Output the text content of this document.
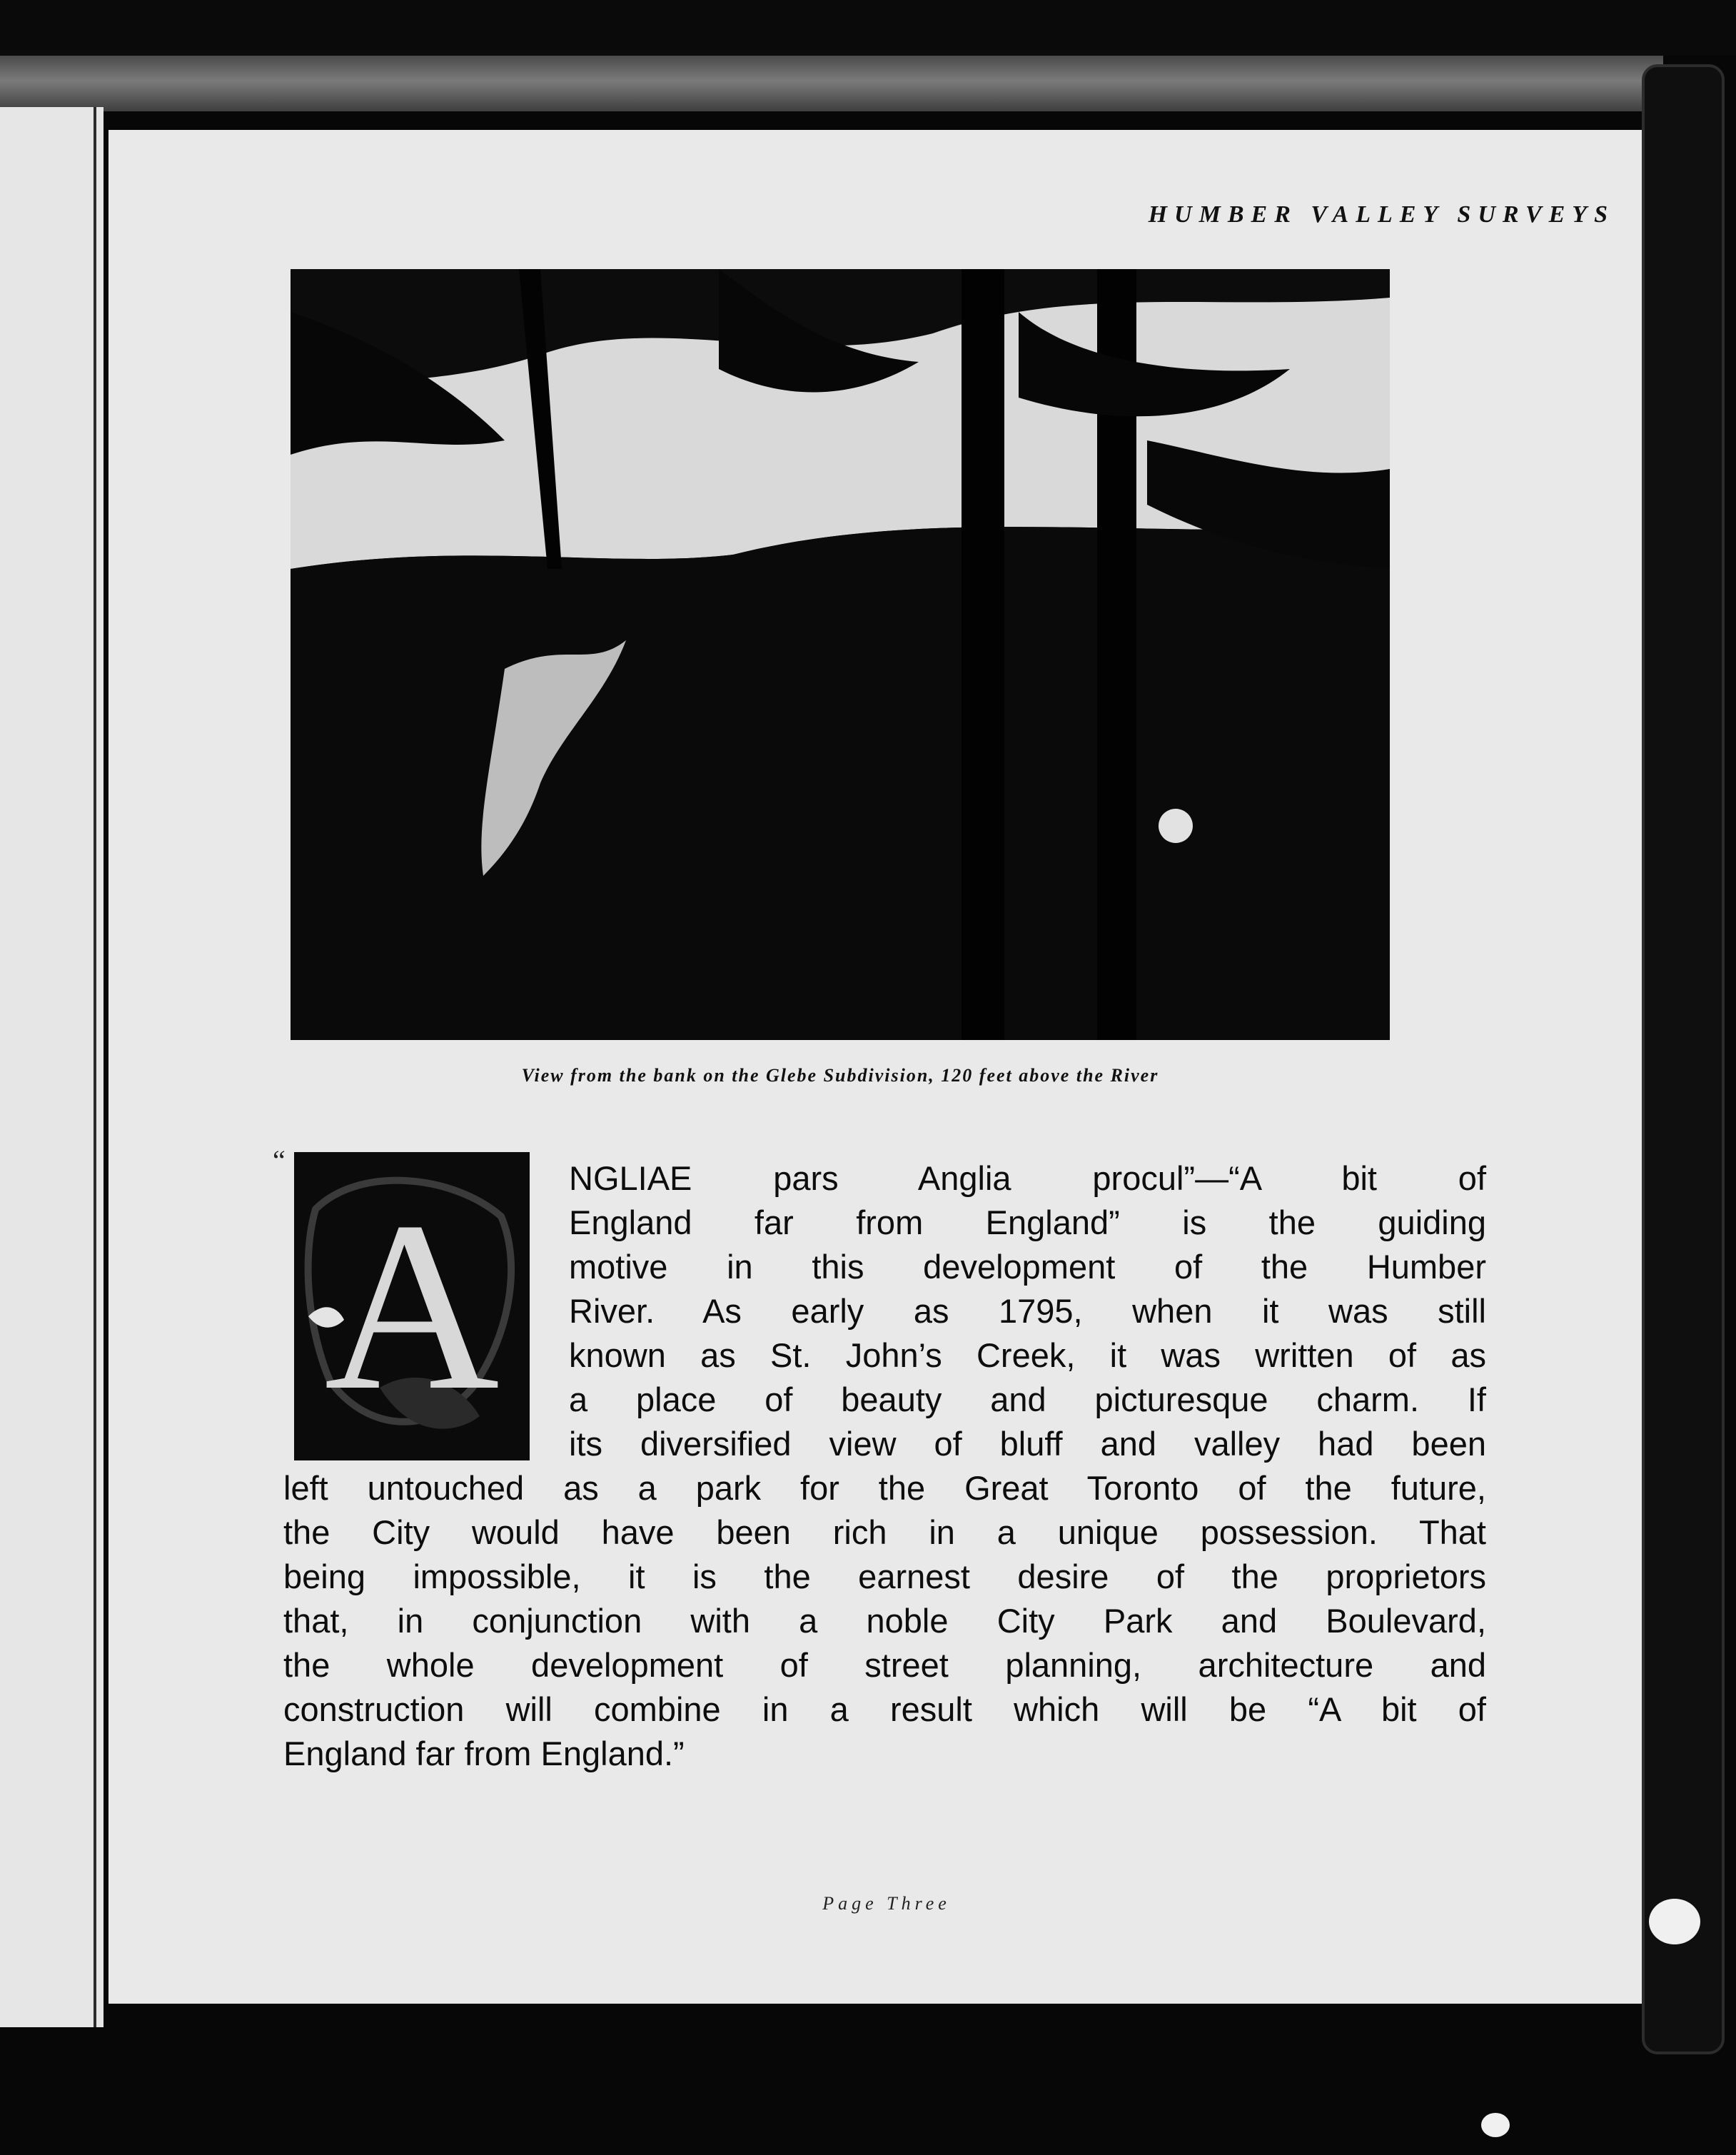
HUMBER VALLEY SURVEYS
View from the bank on the Glebe Subdivision, 120 feet above the River
“
A	NGLIAE pars Anglia procul”—“A bit of
England far from England” is the guiding
motive in this development of the Humber
River. As early as 1795, when it was still
known as St. John’s Creek, it was written of as
a place of beauty and picturesque charm. If
its diversified view of bluff and valley had been
left untouched as a park for the Great Toronto of the future,
the City would have been rich in a unique possession. That
being impossible, it is the earnest desire of the proprietors
that, in conjunction with a noble City Park and Boulevard,
the whole development of street planning, architecture and
construction will combine in a result which will be “A bit of
England far from England.”
Page Three
